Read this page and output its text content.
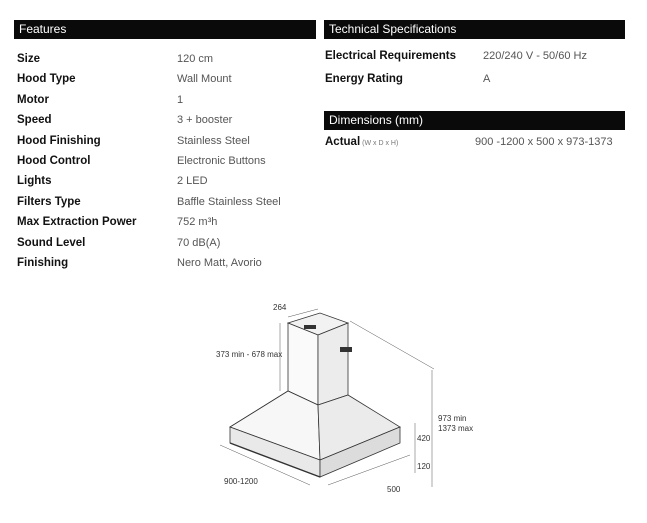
Features
Size	120 cm
Hood Type	Wall Mount
Motor	1
Speed	3 + booster
Hood Finishing	Stainless Steel
Hood Control	Electronic Buttons
Lights	2 LED
Filters Type	Baffle Stainless Steel
Max Extraction Power	752 m³h
Sound Level	70 dB(A)
Finishing	Nero Matt, Avorio
Technical Specifications
Electrical Requirements 220/240 V - 50/60 Hz
Energy Rating	A
Dimensions (mm)
Actual (W x D x H)	900 -1200 x 500 x 973-1373
264
373 min - 678 max
973 min
1373 max
420
120
900-1200
500
